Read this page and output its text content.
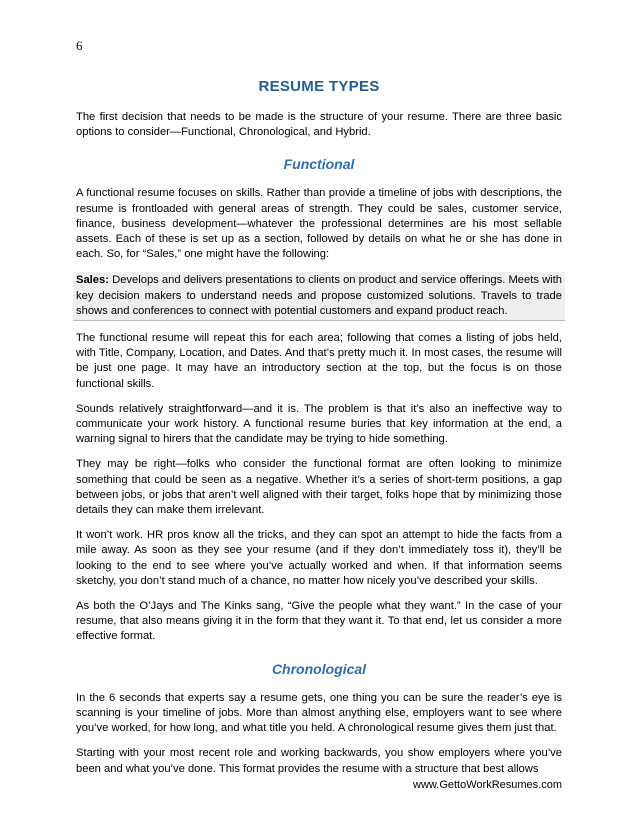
6
RESUME TYPES

The first decision that needs to be made is the structure of your resume. There are three basic options to consider—Functional, Chronological, and Hybrid.

Functional

A functional resume focuses on skills. Rather than provide a timeline of jobs with descriptions, the resume is frontloaded with general areas of strength. They could be sales, customer service, finance, business development—whatever the professional determines are his most sellable assets. Each of these is set up as a section, followed by details on what he or she has done in each. So, for “Sales,” one might have the following:

Sales: Develops and delivers presentations to clients on product and service offerings. Meets with key decision makers to understand needs and propose customized solutions. Travels to trade shows and conferences to connect with potential customers and expand product reach.

The functional resume will repeat this for each area; following that comes a listing of jobs held, with Title, Company, Location, and Dates. And that’s pretty much it. In most cases, the resume will be just one page. It may have an introductory section at the top, but the focus is on those functional skills.

Sounds relatively straightforward—and it is. The problem is that it’s also an ineffective way to communicate your work history. A functional resume buries that key information at the end, a warning signal to hirers that the candidate may be trying to hide something.

They may be right—folks who consider the functional format are often looking to minimize something that could be seen as a negative. Whether it’s a series of short-term positions, a gap between jobs, or jobs that aren’t well aligned with their target, folks hope that by minimizing those details they can make them irrelevant.

It won’t work. HR pros know all the tricks, and they can spot an attempt to hide the facts from a mile away. As soon as they see your resume (and if they don’t immediately toss it), they’ll be looking to the end to see where you’ve actually worked and when. If that information seems sketchy, you don’t stand much of a chance, no matter how nicely you’ve described your skills.

As both the O’Jays and The Kinks sang, “Give the people what they want.” In the case of your resume, that also means giving it in the form that they want it. To that end, let us consider a more effective format.

Chronological

In the 6 seconds that experts say a resume gets, one thing you can be sure the reader’s eye is scanning is your timeline of jobs. More than almost anything else, employers want to see where you’ve worked, for how long, and what title you held. A chronological resume gives them just that.

Starting with your most recent role and working backwards, you show employers where you’ve been and what you’ve done. This format provides the resume with a structure that best allows

www.GettoWorkResumes.com
